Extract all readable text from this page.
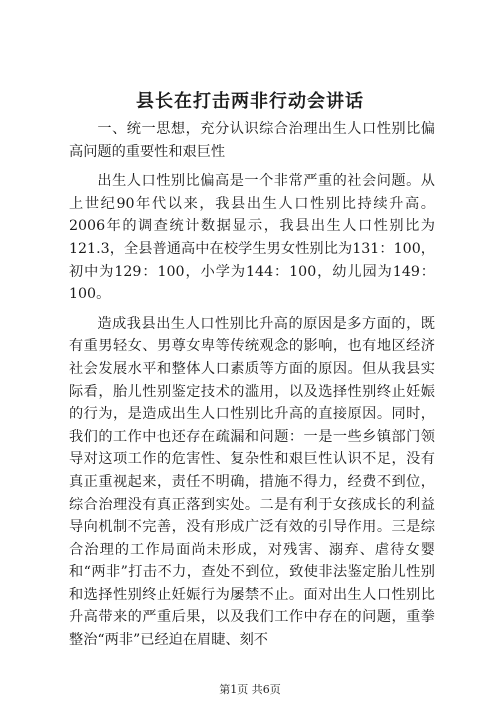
县长在打击两非行动会讲话

一、统一思想，充分认识综合治理出生人口性别比偏高问题的重要性和艰巨性

出生人口性别比偏高是一个非常严重的社会问题。从上世纪90年代以来，我县出生人口性别比持续升高。2006年的调查统计数据显示，我县出生人口性别比为121.3，全县普通高中在校学生男女性别比为131：100，初中为129：100，小学为144：100，幼儿园为149：100。

造成我县出生人口性别比升高的原因是多方面的，既有重男轻女、男尊女卑等传统观念的影响，也有地区经济社会发展水平和整体人口素质等方面的原因。但从我县实际看，胎儿性别鉴定技术的滥用，以及选择性别终止妊娠的行为，是造成出生人口性别比升高的直接原因。同时，我们的工作中也还存在疏漏和问题：一是一些乡镇部门领导对这项工作的危害性、复杂性和艰巨性认识不足，没有真正重视起来，责任不明确，措施不得力，经费不到位，综合治理没有真正落到实处。二是有利于女孩成长的利益导向机制不完善，没有形成广泛有效的引导作用。三是综合治理的工作局面尚未形成，对残害、溺弃、虐待女婴和“两非”打击不力，查处不到位，致使非法鉴定胎儿性别和选择性别终止妊娠行为屡禁不止。面对出生人口性别比升高带来的严重后果，以及我们工作中存在的问题，重拳整治“两非”已经迫在眉睫、刻不

第1页 共6页
